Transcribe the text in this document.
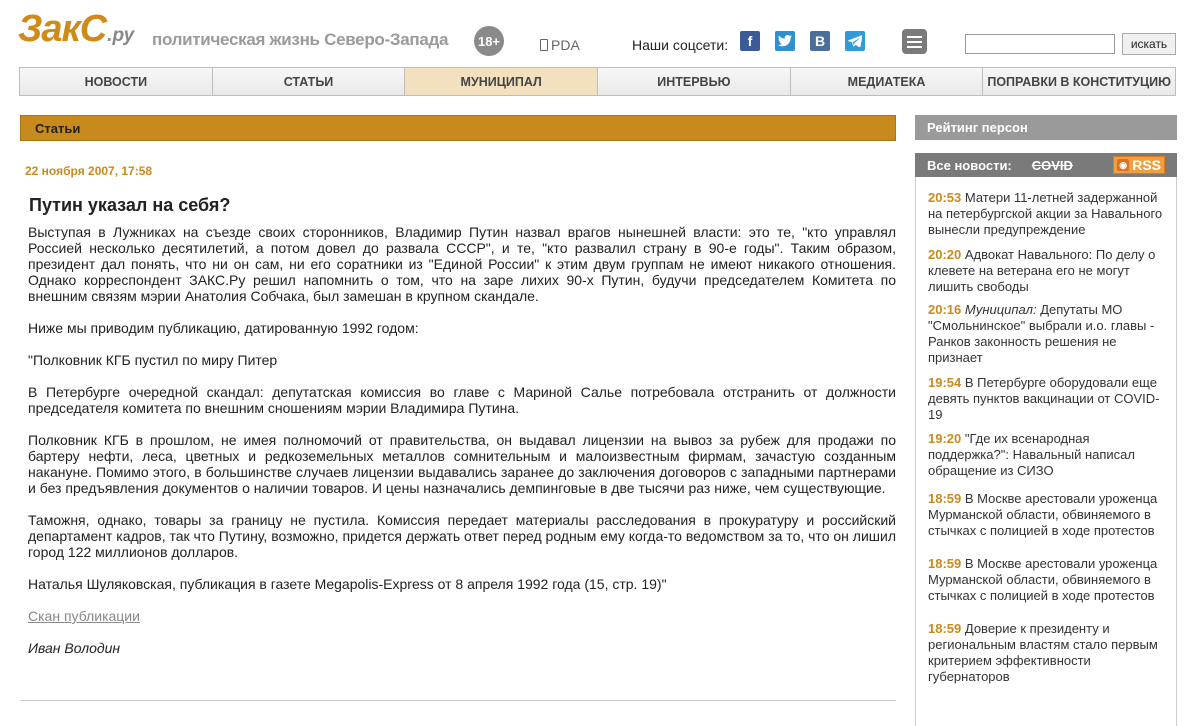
ЗакС .ру политическая жизнь Северо-Запада	18+	PDA	Наши соцсети:	f	B	искать
НОВОСТИ	СТАТЬИ	МУНИЦИПАЛ	ИНТЕРВЬЮ	МЕДИАТЕКА	ПОПРАВКИ В КОНСТИТУЦИЮ
Статьи
22 ноября 2007, 17:58
Путин указал на себя?

Выступая в Лужниках на съезде своих сторонников, Владимир Путин назвал врагов нынешней власти: это те, "кто управлял Россией несколько десятилетий, а потом довел до развала СССР", и те, "кто развалил страну в 90-е годы". Таким образом, президент дал понять, что ни он сам, ни его соратники из "Единой России" к этим двум группам не имеют никакого отношения. Однако корреспондент ЗАКС.Ру решил напомнить о том, что на заре лихих 90-х Путин, будучи председателем Комитета по внешним связям мэрии Анатолия Собчака, был замешан в крупном скандале.

Ниже мы приводим публикацию, датированную 1992 годом:

"Полковник КГБ пустил по миру Питер

В Петербурге очередной скандал: депутатская комиссия во главе с Мариной Салье потребовала отстранить от должности председателя комитета по внешним сношениям мэрии Владимира Путина.

Полковник КГБ в прошлом, не имея полномочий от правительства, он выдавал лицензии на вывоз за рубеж для продажи по бартеру нефти, леса, цветных и редкоземельных металлов сомнительным и малоизвестным фирмам, зачастую созданным накануне. Помимо этого, в большинстве случаев лицензии выдавались заранее до заключения договоров с западными партнерами и без предъявления документов о наличии товаров. И цены назначались демпинговые в две тысячи раз ниже, чем существующие.

Таможня, однако, товары за границу не пустила. Комиссия передает материалы расследования в прокуратуру и российский департамент кадров, так что Путину, возможно, придется держать ответ перед родным ему когда-то ведомством за то, что он лишил город 122 миллионов долларов.

Наталья Шуляковская, публикация в газете Megapolis-Express от 8 апреля 1992 года (15, стр. 19)"

Скан публикации

Иван Володин

Рейтинг персон
Все новости: COVID	◉ RSS
20:53 Матери 11-летней задержанной на петербургской акции за Навального вынесли предупреждение
20:20 Адвокат Навального: По делу о клевете на ветерана его не могут лишить свободы
20:16 Муниципал: Депутаты МО "Смольнинское" выбрали и.о. главы - Ранков законность решения не признает
19:54 В Петербурге оборудовали еще девять пунктов вакцинации от COVID-19
19:20 "Где их всенародная поддержка?": Навальный написал обращение из СИЗО
18:59 В Москве арестовали уроженца Мурманской области, обвиняемого в стычках с полицией в ходе протестов
18:59 В Москве арестовали уроженца Мурманской области, обвиняемого в стычках с полицией в ходе протестов
18:59 Доверие к президенту и региональным властям стало первым критерием эффективности губернаторов
